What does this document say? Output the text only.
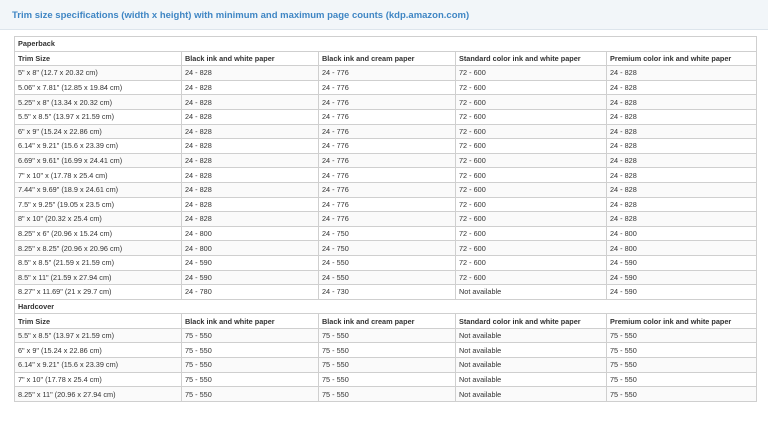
Trim size specifications (width x height) with minimum and maximum page counts (kdp.amazon.com)
Paperback				
Trim Size	Black ink and white paper	Black ink and cream paper	Standard color ink and white paper	Premium color ink and white paper
5" x 8" (12.7 x 20.32 cm)	24 - 828	24 - 776	72 - 600	24 - 828
5.06" x 7.81" (12.85 x 19.84 cm)	24 - 828	24 - 776	72 - 600	24 - 828
5.25" x 8" (13.34 x 20.32 cm)	24 - 828	24 - 776	72 - 600	24 - 828
5.5" x 8.5" (13.97 x 21.59 cm)	24 - 828	24 - 776	72 - 600	24 - 828
6" x 9" (15.24 x 22.86 cm)	24 - 828	24 - 776	72 - 600	24 - 828
6.14" x 9.21" (15.6 x 23.39 cm)	24 - 828	24 - 776	72 - 600	24 - 828
6.69" x 9.61" (16.99 x 24.41 cm)	24 - 828	24 - 776	72 - 600	24 - 828
7" x 10" x (17.78 x 25.4 cm)	24 - 828	24 - 776	72 - 600	24 - 828
7.44" x 9.69" (18.9 x 24.61 cm)	24 - 828	24 - 776	72 - 600	24 - 828
7.5" x 9.25" (19.05 x 23.5 cm)	24 - 828	24 - 776	72 - 600	24 - 828
8" x 10" (20.32 x 25.4 cm)	24 - 828	24 - 776	72 - 600	24 - 828
8.25" x 6" (20.96 x 15.24 cm)	24 - 800	24 - 750	72 - 600	24 - 800
8.25" x 8.25" (20.96 x 20.96 cm)	24 - 800	24 - 750	72 - 600	24 - 800
8.5" x 8.5" (21.59 x 21.59 cm)	24 - 590	24 - 550	72 - 600	24 - 590
8.5" x 11" (21.59 x 27.94 cm)	24 - 590	24 - 550	72 - 600	24 - 590
8.27" x 11.69" (21 x 29.7 cm)	24 - 780	24 - 730	Not available	24 - 590
Hardcover				
Trim Size	Black ink and white paper	Black ink and cream paper	Standard color ink and white paper	Premium color ink and white paper
5.5" x 8.5" (13.97 x 21.59 cm)	75 - 550	75 - 550	Not available	75 - 550
6" x 9" (15.24 x 22.86 cm)	75 - 550	75 - 550	Not available	75 - 550
6.14" x 9.21" (15.6 x 23.39 cm)	75 - 550	75 - 550	Not available	75 - 550
7" x 10" (17.78 x 25.4 cm)	75 - 550	75 - 550	Not available	75 - 550
8.25" x 11" (20.96 x 27.94 cm)	75 - 550	75 - 550	Not available	75 - 550
